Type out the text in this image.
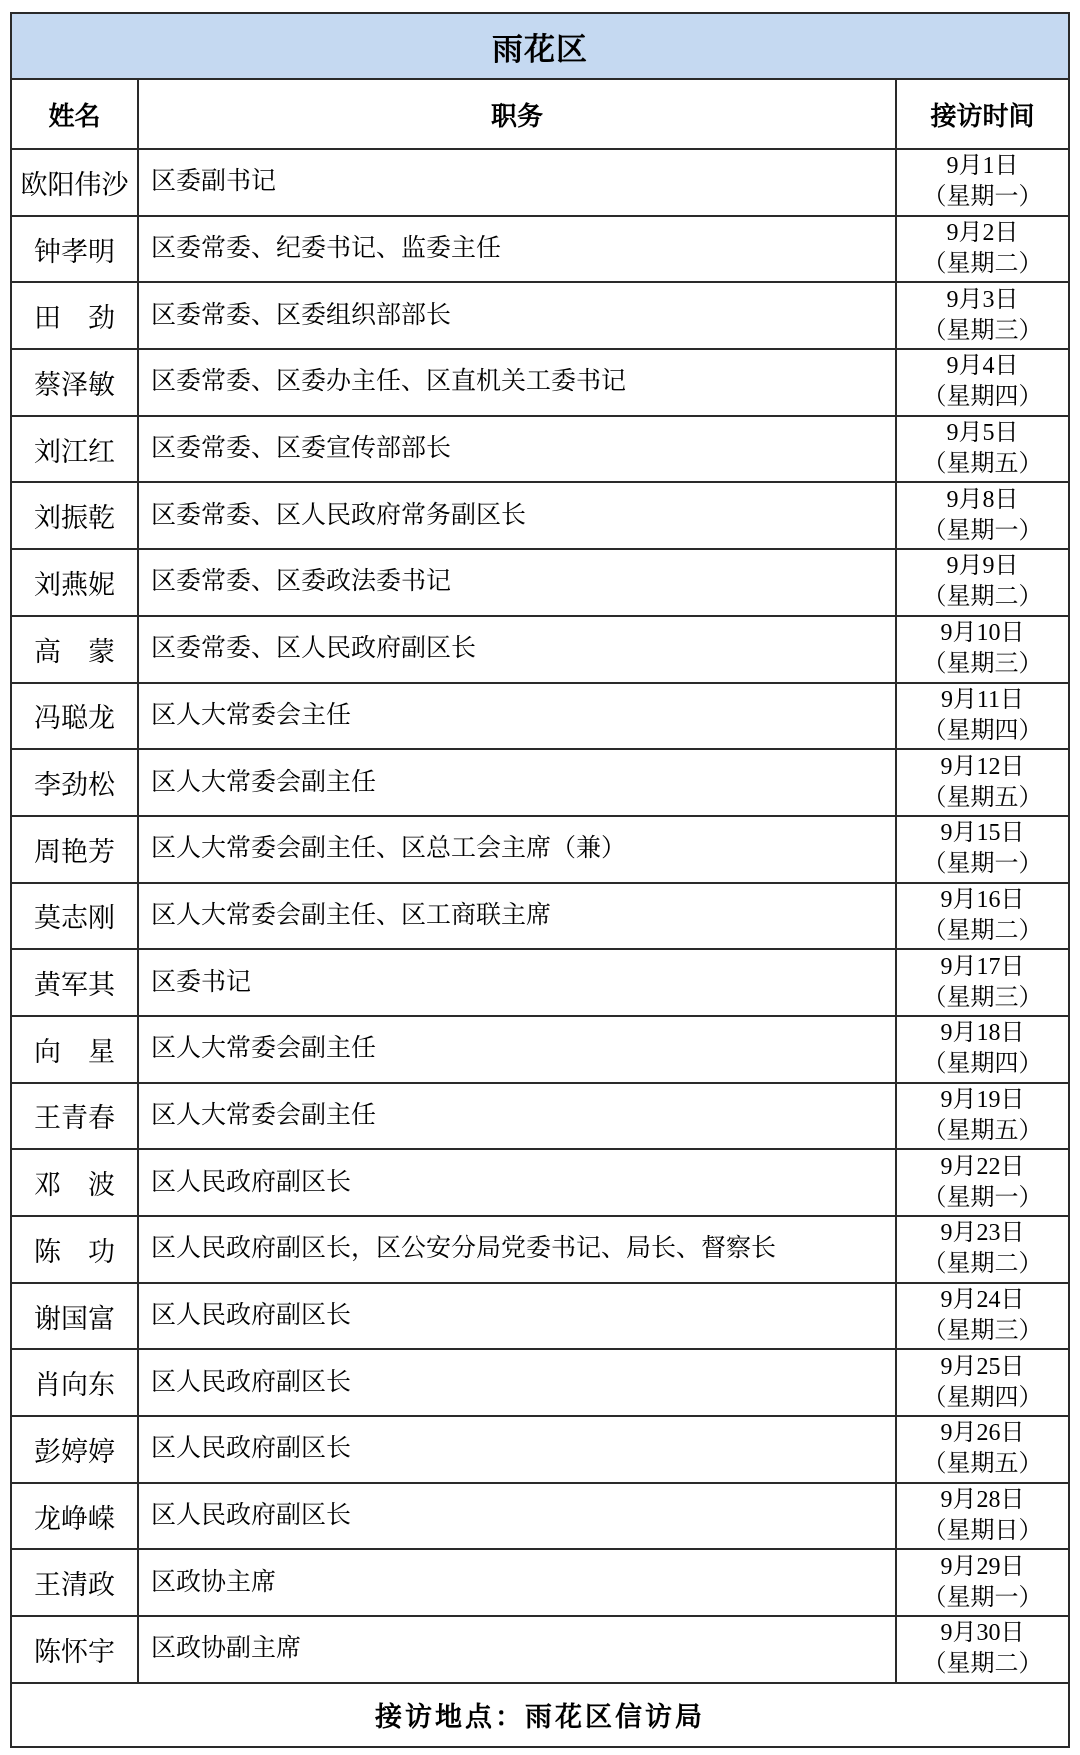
雨花区
姓名	职务	接访时间
欧阳伟沙 区委副书记
9月1日
（星期一）
钟孝明	区委常委、纪委书记、监委主任
9月2日
（星期二）
田　劲	区委常委、区委组织部部长
9月3日
（星期三）
蔡泽敏	区委常委、区委办主任、区直机关工委书记
9月4日
（星期四）
刘江红	区委常委、区委宣传部部长
9月5日
（星期五）
刘振乾	区委常委、区人民政府常务副区长
9月8日
（星期一）
刘燕妮	区委常委、区委政法委书记
9月9日
（星期二）
高　蒙	区委常委、区人民政府副区长
9月10日
（星期三）
冯聪龙	区人大常委会主任
9月11日
（星期四）
李劲松	区人大常委会副主任
9月12日
（星期五）
周艳芳	区人大常委会副主任、区总工会主席（兼）
9月15日
（星期一）
莫志刚	区人大常委会副主任、区工商联主席
9月16日
（星期二）
黄军其	区委书记
9月17日
（星期三）
向　星	区人大常委会副主任
9月18日
（星期四）
王青春	区人大常委会副主任
9月19日
（星期五）
邓　波	区人民政府副区长
9月22日
（星期一）
陈　功	区人民政府副区长，区公安分局党委书记、局长、督察长
9月23日
（星期二）
谢国富	区人民政府副区长
9月24日
（星期三）
肖向东	区人民政府副区长
9月25日
（星期四）
彭婷婷	区人民政府副区长
9月26日
（星期五）
龙峥嵘	区人民政府副区长
9月28日
（星期日）
王清政	区政协主席
9月29日
（星期一）
陈怀宇	区政协副主席
9月30日
（星期二）
接访地点：雨花区信访局
